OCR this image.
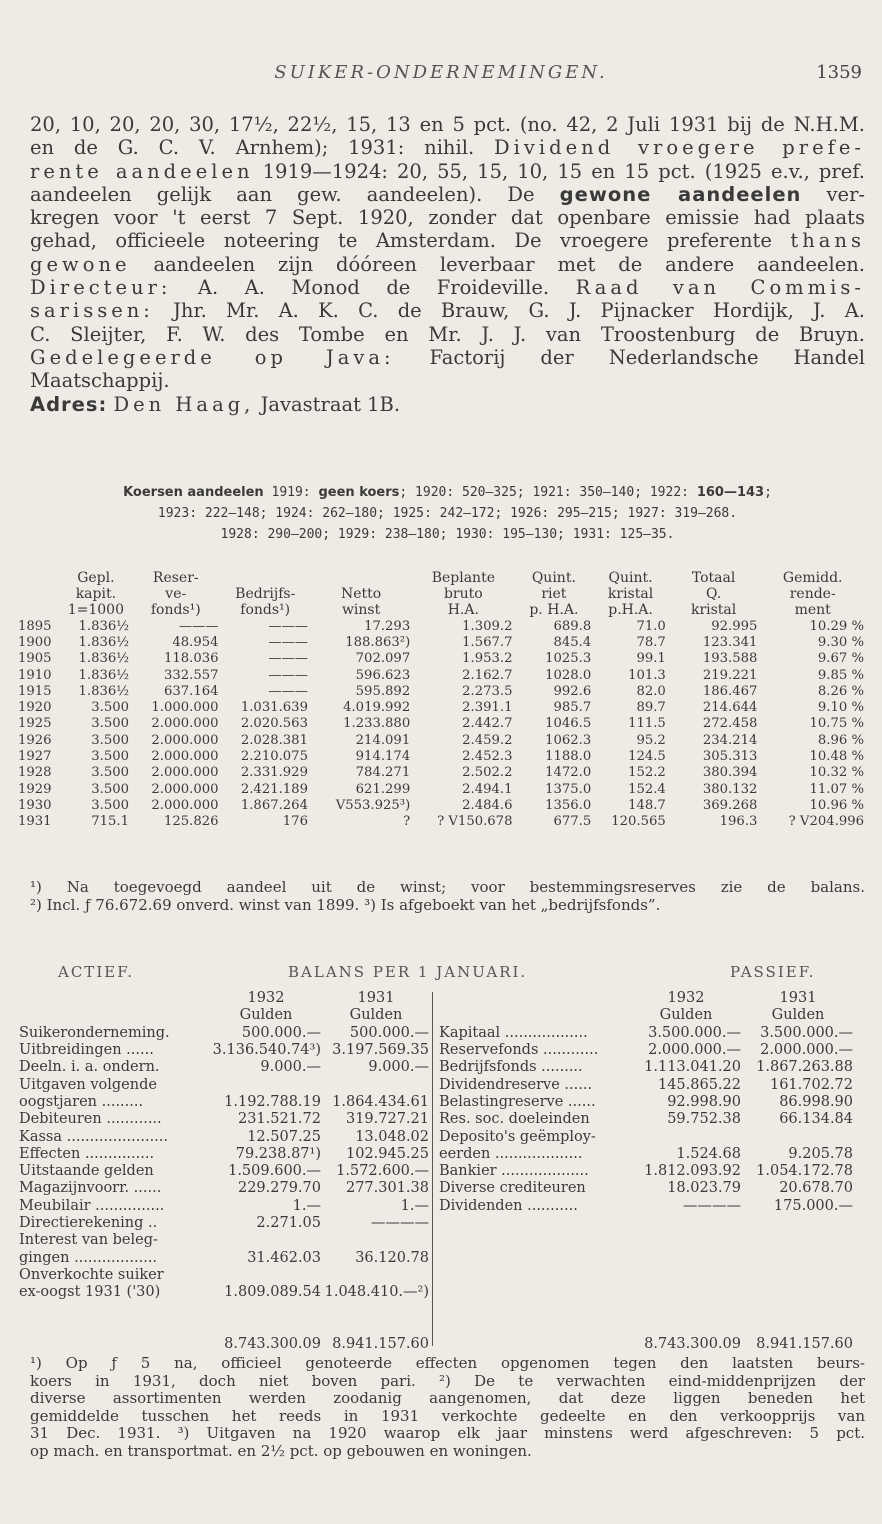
SUIKER-ONDERNEMINGEN.	1359
20, 10, 20, 20, 30, 17½, 22½, 15, 13 en 5 pct. (no. 42, 2 Juli 1931 bij de N.H.M.
en de G. C. V. Arnhem); 1931: nihil. Dividend vroegere prefe-
rente aandeelen 1919—1924: 20, 55, 15, 10, 15 en 15 pct. (1925 e.v., pref.
aandeelen gelijk aan gew. aandeelen). De gewone aandeelen ver-
kregen voor 't eerst 7 Sept. 1920, zonder dat openbare emissie had plaats
gehad, officieele noteering te Amsterdam. De vroegere preferente thans
gewone aandeelen zijn dóóreen leverbaar met de andere aandeelen.
Directeur: A. A. Monod de Froideville. Raad van Commis-
sarissen: Jhr. Mr. A. K. C. de Brauw, G. J. Pijnacker Hordijk, J. A.
C. Sleijter, F. W. des Tombe en Mr. J. J. van Troostenburg de Bruyn.
Gedelegeerde op Java: Factorij der Nederlandsche Handel
Maatschappij.
Adres: Den Haag, Javastraat 1B.
Koersen aandeelen 1919: geen koers; 1920: 520—325; 1921: 350—140; 1922: 160—143;
1923: 222—148; 1924: 262—180; 1925: 242—172; 1926: 295—215; 1927: 319—268.
1928: 290—200; 1929: 238—180; 1930: 195—130; 1931: 125—35.
	Gepl.	Reser-			Beplante	Quint.	Quint.	Totaal	Gemidd.
	kapit.	ve-	Bedrijfs-	Netto	bruto	riet	kristal	Q.	rende-
	1=1000	fonds¹)	fonds¹)	winst	H.A.	p. H.A.	p.H.A.	kristal	ment
1895	1.836½	———	———	17.293	1.309.2	689.8	71.0	92.995	10.29 %
1900	1.836½	48.954	———	188.863²)	1.567.7	845.4	78.7	123.341	9.30 %
1905	1.836½	118.036	———	702.097	1.953.2	1025.3	99.1	193.588	9.67 %
1910	1.836½	332.557	———	596.623	2.162.7	1028.0	101.3	219.221	9.85 %
1915	1.836½	637.164	———	595.892	2.273.5	992.6	82.0	186.467	8.26 %
1920	3.500	1.000.000	1.031.639	4.019.992	2.391.1	985.7	89.7	214.644	9.10 %
1925	3.500	2.000.000	2.020.563	1.233.880	2.442.7	1046.5	111.5	272.458	10.75 %
1926	3.500	2.000.000	2.028.381	214.091	2.459.2	1062.3	95.2	234.214	8.96 %
1927	3.500	2.000.000	2.210.075	914.174	2.452.3	1188.0	124.5	305.313	10.48 %
1928	3.500	2.000.000	2.331.929	784.271	2.502.2	1472.0	152.2	380.394	10.32 %
1929	3.500	2.000.000	2.421.189	621.299	2.494.1	1375.0	152.4	380.132	11.07 %
1930	3.500	2.000.000	1.867.264	V553.925³)	2.484.6	1356.0	148.7	369.268	10.96 %
1931	715.1	125.826	176	?	? V150.678	677.5	120.565	196.3	? V204.996
¹) Na toegevoegd aandeel uit de winst; voor bestemmingsreserves zie de balans.
²) Incl. ƒ 76.672.69 onverd. winst van 1899. ³) Is afgeboekt van het „bedrijfsfonds”.
ACTIEF.	BALANS PER 1 JANUARI.	PASSIEF.
	1932	1931
	Gulden	Gulden
Suikeronderneming.	500.000.—	500.000.—
Uitbreidingen ......	3.136.540.74³)	3.197.569.35
Deeln. i. a. ondern.	9.000.—	9.000.—
Uitgaven volgende		
oogstjaren .........	1.192.788.19	1.864.434.61
Debiteuren ............	231.521.72	319.727.21
Kassa ......................	12.507.25	13.048.02
Effecten ...............	79.238.87¹)	102.945.25
Uitstaande gelden	1.509.600.—	1.572.600.—
Magazijnvoorr. ......	229.279.70	277.301.38
Meubilair ...............	1.—	1.—
Directierekening ..	2.271.05	————
Interest van beleg-		
gingen ..................	31.462.03	36.120.78
Onverkochte suiker		
ex-oogst 1931 ('30)	1.809.089.54	1.048.410.—²)

	8.743.300.09	8.941.157.60
	1932	1931
	Gulden	Gulden
Kapitaal ..................	3.500.000.—	3.500.000.—
Reservefonds ............	2.000.000.—	2.000.000.—
Bedrijfsfonds .........	1.113.041.20	1.867.263.88
Dividendreserve ......	145.865.22	161.702.72
Belastingreserve ......	92.998.90	86.998.90
Res. soc. doeleinden	59.752.38	66.134.84
Deposito's geëmploy-		
eerden ...................	1.524.68	9.205.78
Bankier ...................	1.812.093.92	1.054.172.78
Diverse crediteuren	18.023.79	20.678.70
Dividenden ...........	————	175.000.—

	8.743.300.09	8.941.157.60
¹) Op ƒ 5 na, officieel genoteerde effecten opgenomen tegen den laatsten beurs-
koers in 1931, doch niet boven pari. ²) De te verwachten eind-middenprijzen der
diverse assortimenten werden zoodanig aangenomen, dat deze liggen beneden het
gemiddelde tusschen het reeds in 1931 verkochte gedeelte en den verkoopprijs van
31 Dec. 1931. ³) Uitgaven na 1920 waarop elk jaar minstens werd afgeschreven: 5 pct.
op mach. en transportmat. en 2½ pct. op gebouwen en woningen.
